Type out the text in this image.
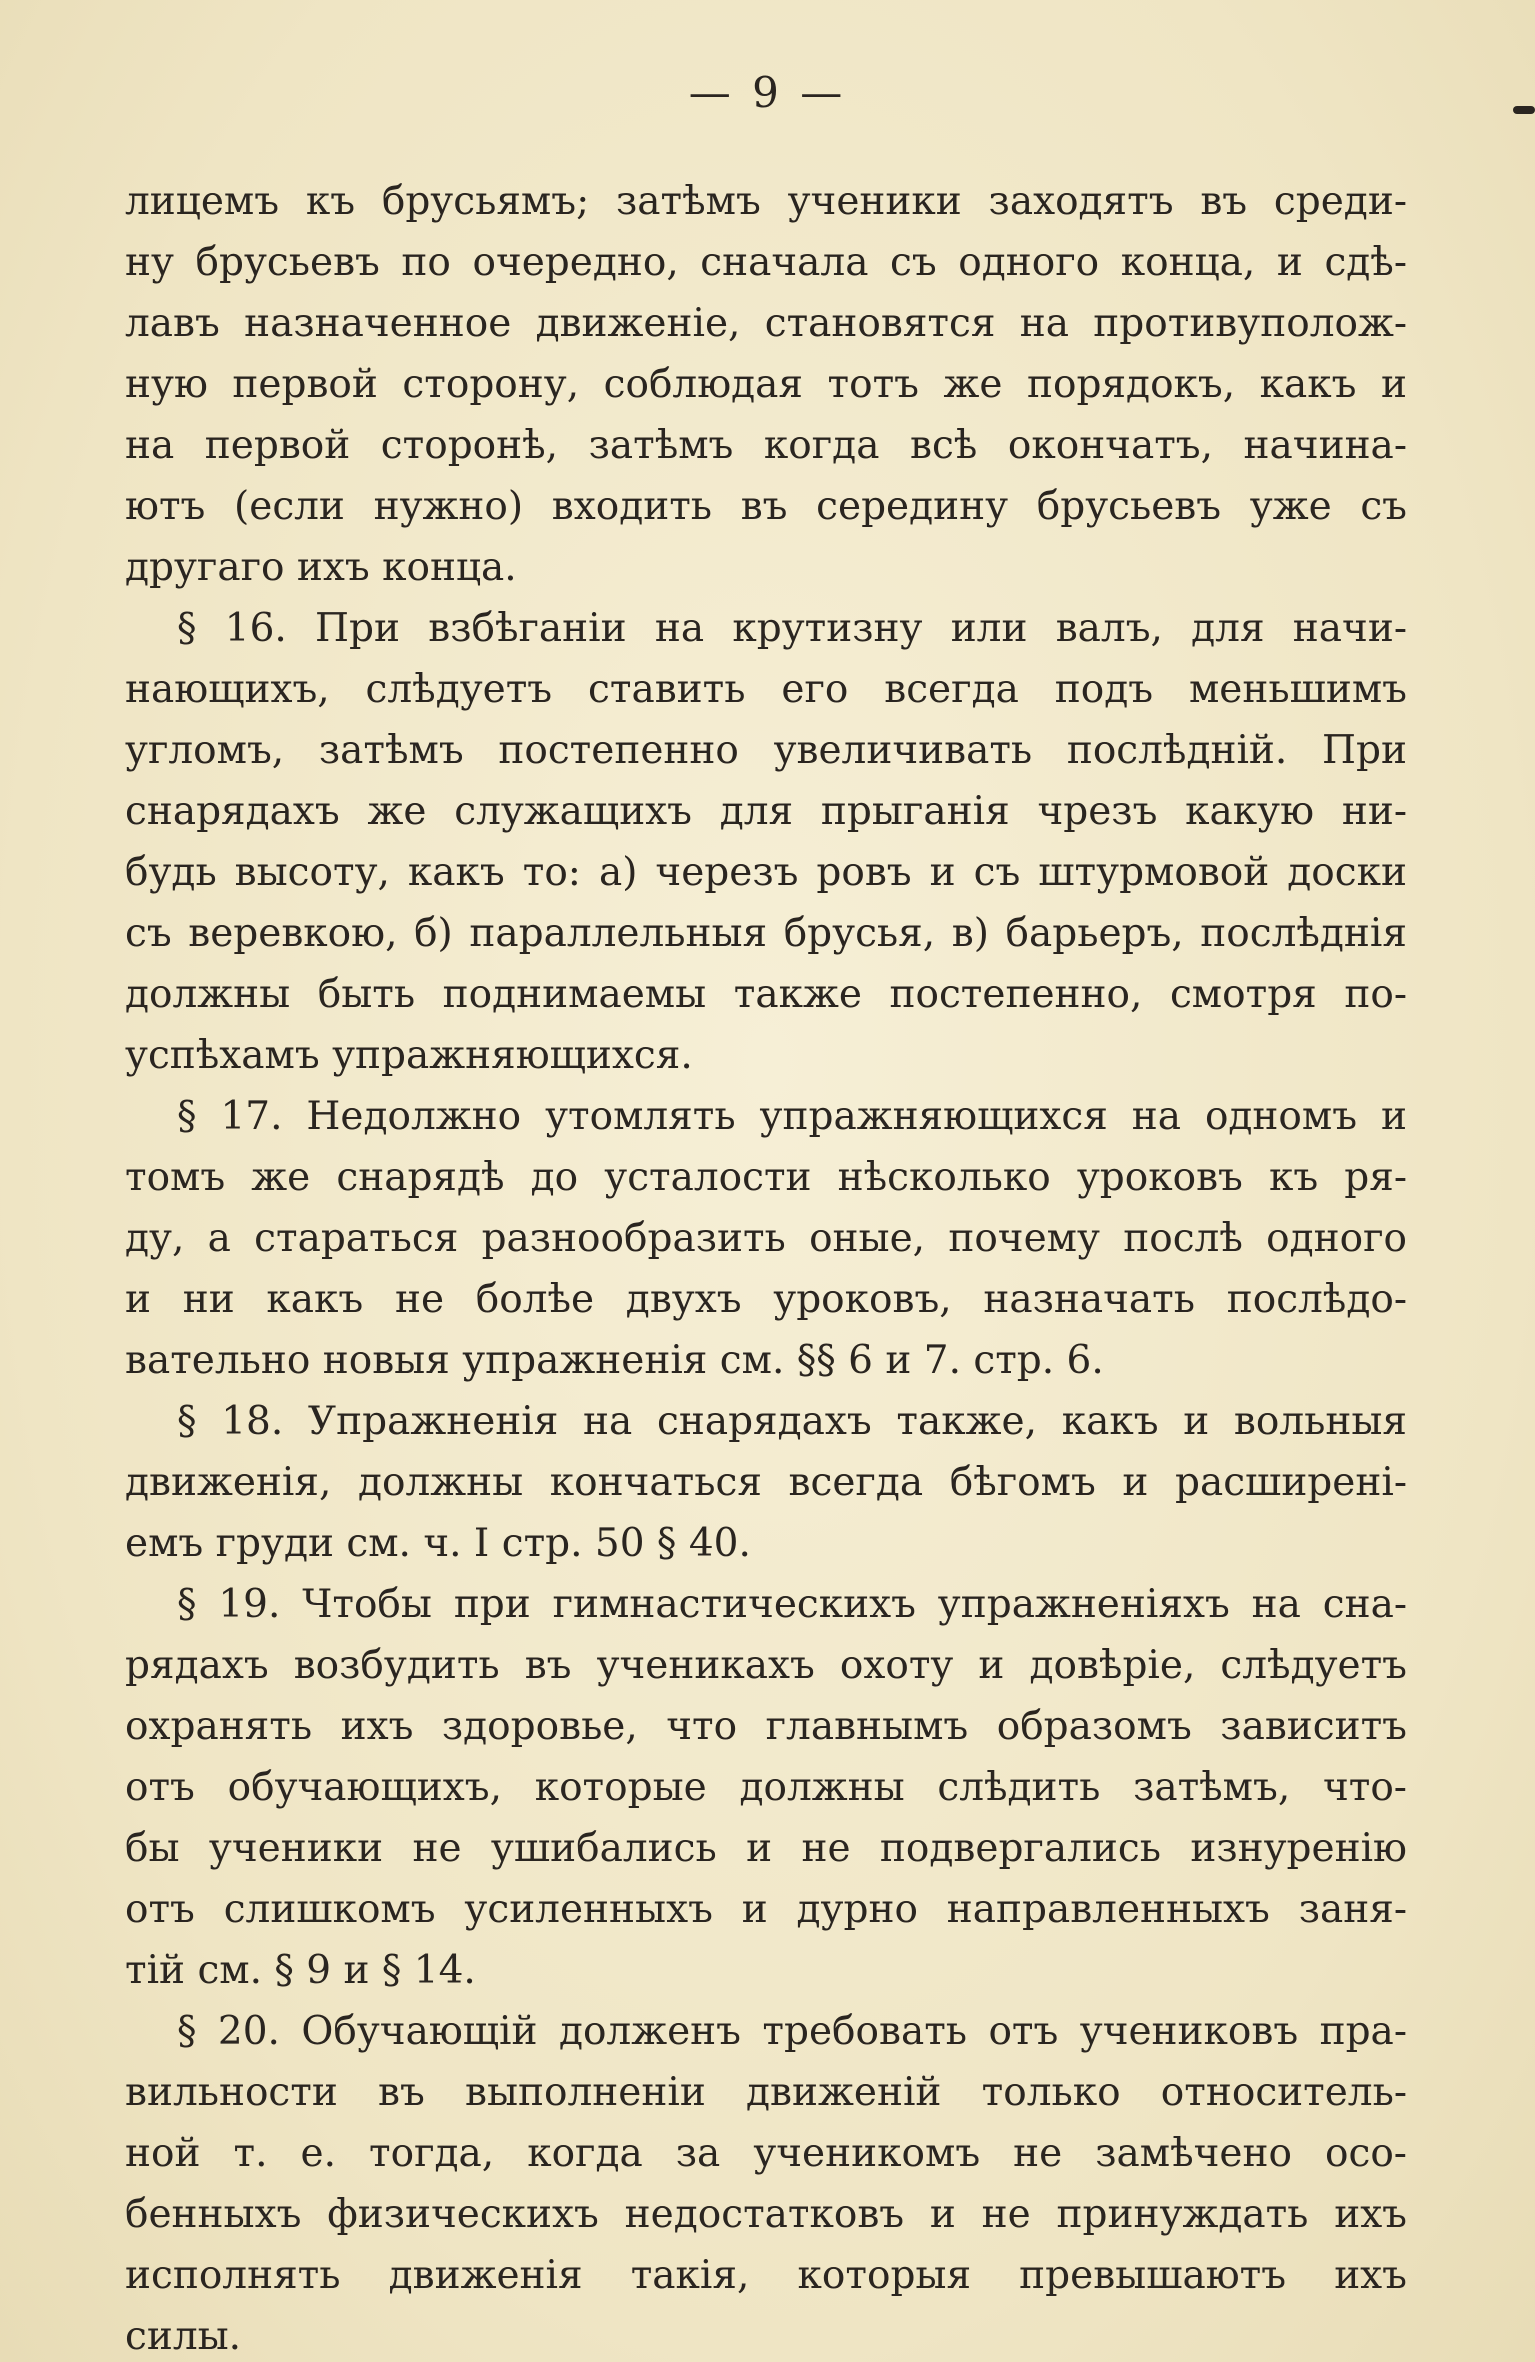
— 9 —
лицемъ къ брусьямъ; затѣмъ ученики заходятъ въ среди-
ну брусьевъ по очередно, сначала съ одного конца, и сдѣ-
лавъ назначенное движеніе, становятся на противуполож-
ную первой сторону, соблюдая тотъ же порядокъ, какъ и
на первой сторонѣ, затѣмъ когда всѣ окончатъ, начина-
ютъ (если нужно) входить въ середину брусьевъ уже съ
другаго ихъ конца.
§ 16. При взбѣганіи на крутизну или валъ, для начи-
нающихъ, слѣдуетъ ставить его всегда подъ меньшимъ
угломъ, затѣмъ постепенно увеличивать послѣдній. При
снарядахъ же служащихъ для прыганія чрезъ какую ни-
будь высоту, какъ то: а) черезъ ровъ и съ штурмовой доски
съ веревкою, б) параллельныя брусья, в) барьеръ, послѣднія
должны быть поднимаемы также постепенно, смотря по-
успѣхамъ упражняющихся.
§ 17. Недолжно утомлять упражняющихся на одномъ и
томъ же снарядѣ до усталости нѣсколько уроковъ къ ря-
ду, а стараться разнообразить оные, почему послѣ одного
и ни какъ не болѣе двухъ уроковъ, назначать послѣдо-
вательно новыя упражненія см. §§ 6 и 7. стр. 6.
§ 18. Упражненія на снарядахъ также, какъ и вольныя
движенія, должны кончаться всегда бѣгомъ и расширені-
емъ груди см. ч. I стр. 50 § 40.
§ 19. Чтобы при гимнастическихъ упражненіяхъ на сна-
рядахъ возбудить въ ученикахъ охоту и довѣріе, слѣдуетъ
охранять ихъ здоровье, что главнымъ образомъ зависитъ
отъ обучающихъ, которые должны слѣдить затѣмъ, что-
бы ученики не ушибались и не подвергались изнуренію
отъ слишкомъ усиленныхъ и дурно направленныхъ заня-
тій см. § 9 и § 14.
§ 20. Обучающій долженъ требовать отъ учениковъ пра-
вильности въ выполненіи движеній только относитель-
ной т. е. тогда, когда за ученикомъ не замѣчено осо-
бенныхъ физическихъ недостатковъ и не принуждать ихъ
исполнять движенія такія, которыя превышаютъ ихъ
силы.
